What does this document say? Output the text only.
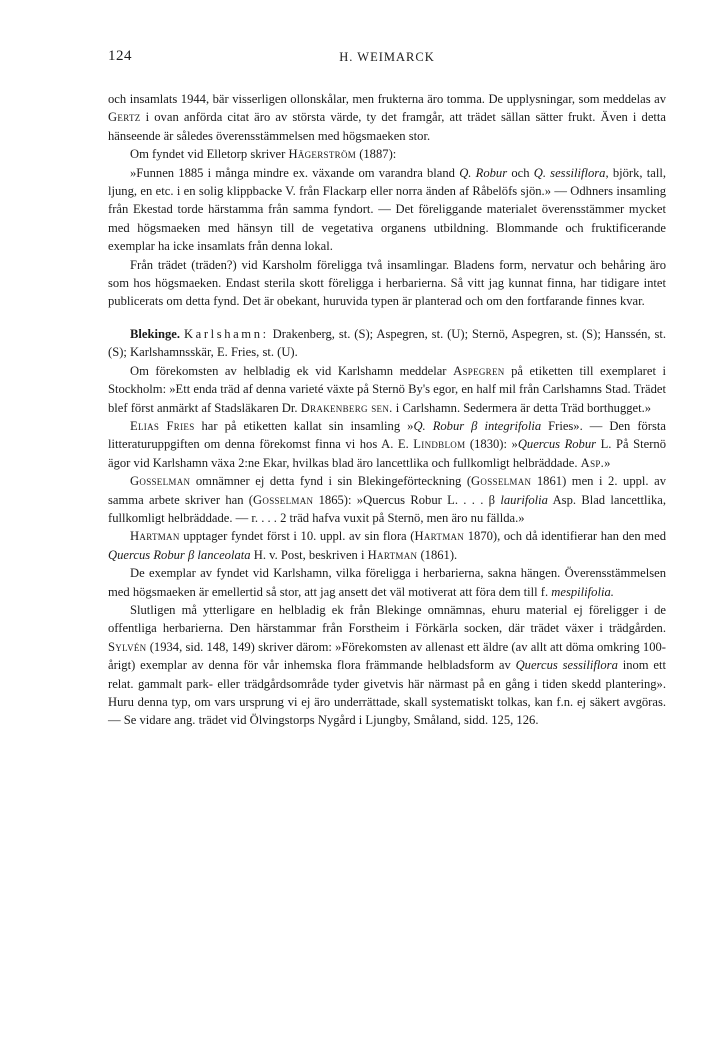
124	H. WEIMARCK

och insamlats 1944, bär visserligen ollonskålar, men frukterna äro tomma. De upplysningar, som meddelas av Gertz i ovan anförda citat äro av största värde, ty det framgår, att trädet sällan sätter frukt. Även i detta hänseende är således överensstämmelsen med högsmaeken stor.

Om fyndet vid Elletorp skriver Hägerström (1887):

»Funnen 1885 i många mindre ex. växande om varandra bland Q. Robur och Q. sessiliflora, björk, tall, ljung, en etc. i en solig klippbacke V. från Flackarp eller norra änden af Råbelöfs sjön.» — Odhners insamling från Ekestad torde härstamma från samma fyndort. — Det föreliggande materialet överensstämmer mycket med högsmaeken med hänsyn till de vegetativa organens utbildning. Blommande och fruktificerande exemplar ha icke insamlats från denna lokal.

Från trädet (träden?) vid Karsholm föreligga två insamlingar. Bladens form, nervatur och behåring äro som hos högsmaeken. Endast sterila skott föreligga i herbarierna. Så vitt jag kunnat finna, har tidigare intet publicerats om detta fynd. Det är obekant, huruvida typen är planterad och om den fortfarande finnes kvar.

Blekinge. Karlshamn: Drakenberg, st. (S); Aspegren, st. (U); Sternö, Aspegren, st. (S); Hanssén, st. (S); Karlshamnsskär, E. Fries, st. (U).

Om förekomsten av helbladig ek vid Karlshamn meddelar Aspegren på etiketten till exemplaret i Stockholm: »Ett enda träd af denna varieté växte på Sternö By's egor, en half mil från Carlshamns Stad. Trädet blef först anmärkt af Stadsläkaren Dr. Drakenberg sen. i Carlshamn. Sedermera är detta Träd borthugget.»

Elias Fries har på etiketten kallat sin insamling »Q. Robur β integrifolia Fries». — Den första litteraturuppgiften om denna förekomst finna vi hos A. E. Lindblom (1830): »Quercus Robur L. På Sternö ägor vid Karlshamn växa 2:ne Ekar, hvilkas blad äro lancettlika och fullkomligt helbräddade. Asp.»

Gosselman omnämner ej detta fynd i sin Blekingeförteckning (Gosselman 1861) men i 2. uppl. av samma arbete skriver han (Gosselman 1865): »Quercus Robur L. . . . β laurifolia Asp. Blad lancettlika, fullkomligt helbräddade. — r. . . . 2 träd hafva vuxit på Sternö, men äro nu fällda.»

Hartman upptager fyndet först i 10. uppl. av sin flora (Hartman 1870), och då identifierar han den med Quercus Robur β lanceolata H. v. Post, beskriven i Hartman (1861).

De exemplar av fyndet vid Karlshamn, vilka föreligga i herbarierna, sakna hängen. Överensstämmelsen med högsmaeken är emellertid så stor, att jag ansett det väl motiverat att föra dem till f. mespilifolia.

Slutligen må ytterligare en helbladig ek från Blekinge omnämnas, ehuru material ej föreligger i de offentliga herbarierna. Den härstammar från Forstheim i Förkärla socken, där trädet växer i trädgården. Sylvén (1934, sid. 148, 149) skriver därom: »Förekomsten av allenast ett äldre (av allt att döma omkring 100-årigt) exemplar av denna för vår inhemska flora främmande helbladsform av Quercus sessiliflora inom ett relat. gammalt park- eller trädgårdsområde tyder givetvis här närmast på en gång i tiden skedd plantering». Huru denna typ, om vars ursprung vi ej äro underrättade, skall systematiskt tolkas, kan f.n. ej säkert avgöras. — Se vidare ang. trädet vid Ölvingstorps Nygård i Ljungby, Småland, sidd. 125, 126.
